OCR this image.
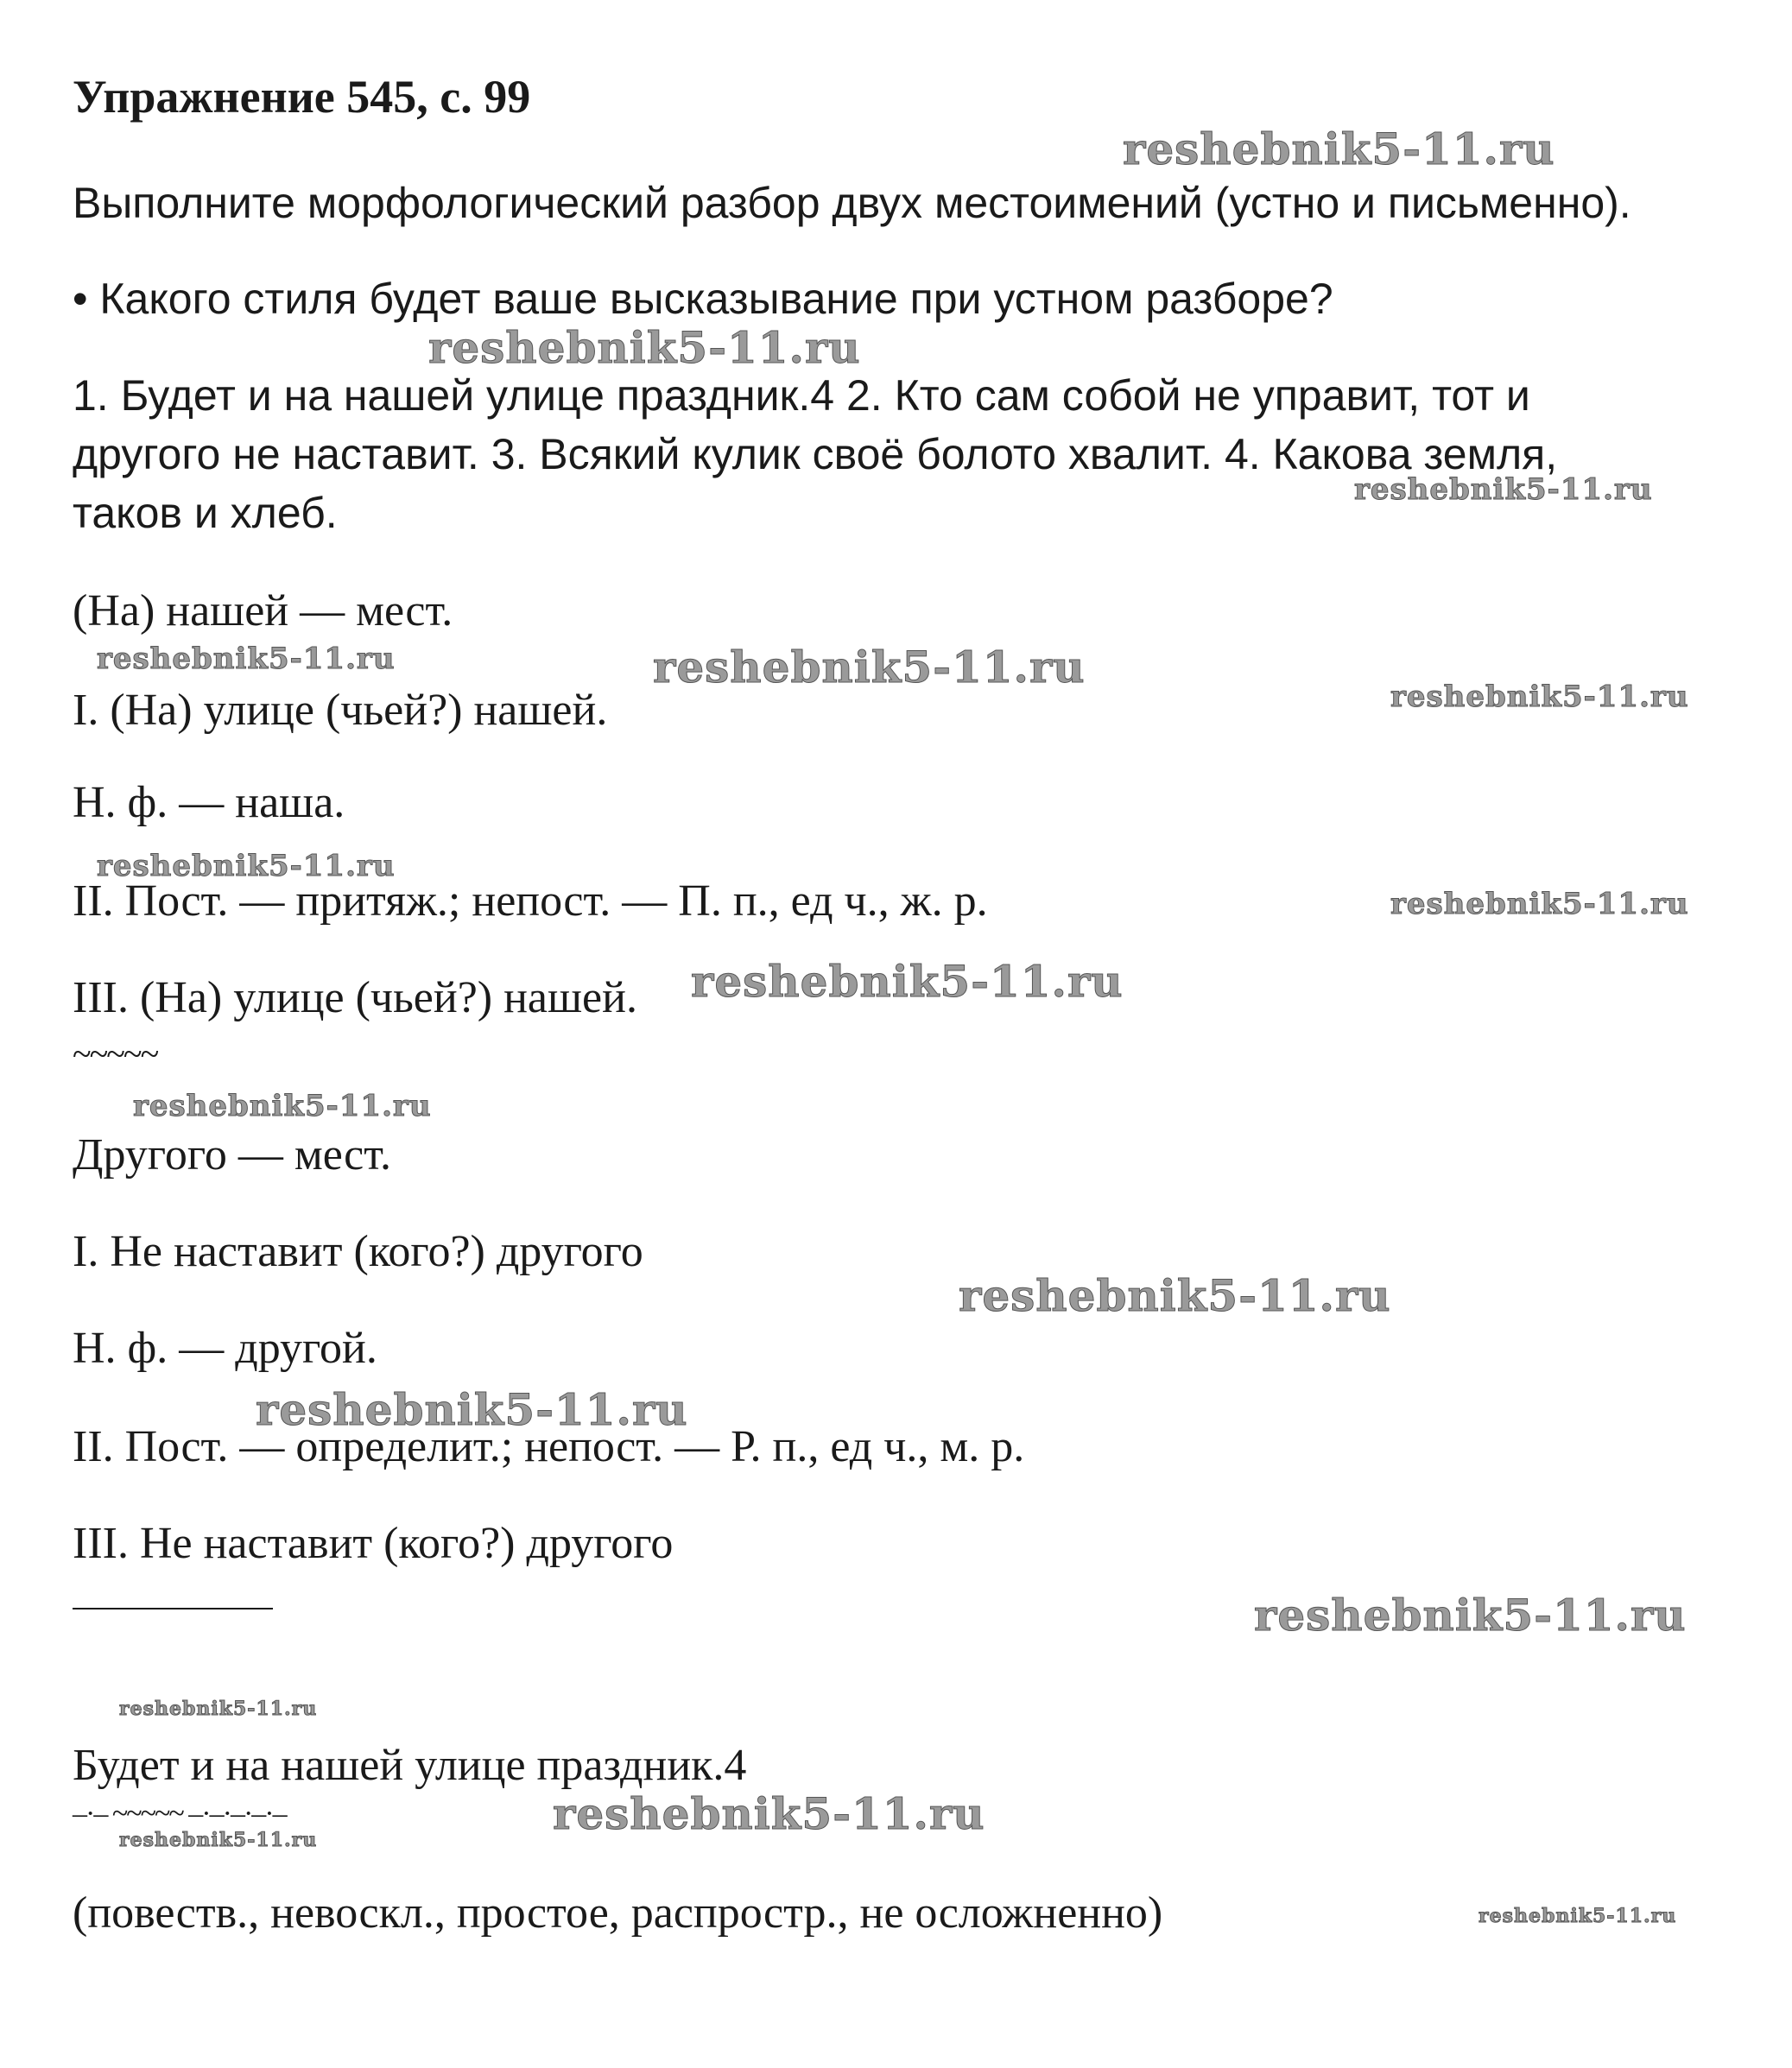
Упражнение 545, с. 99
Выполните морфологический разбор двух местоимений (устно и письменно).
• Какого стиля будет ваше высказывание при устном разборе?
1. Будет и на нашей улице праздник.4 2. Кто сам собой не управит, тот и
другого не наставит. 3. Всякий кулик своё болото хвалит. 4. Какова земля,
таков и хлеб.
(На) нашей — мест.
I. (На) улице (чьей?) нашей.
Н. ф. — наша.
II. Пост. — притяж.; непост. — П. п., ед ч., ж. р.
III. (На) улице (чьей?) нашей.
~~~~~
Другого — мест.
I. Не наставит (кого?) другого
Н. ф. — другой.
II. Пост. — определит.; непост. — Р. п., ед ч., м. р.
III. Не наставит (кого?) другого
Будет и на нашей улице праздник.4
–·– ~~~~~ –·–·–·–·–
(повеств., невоскл., простое, распростр., не осложненно)
reshebnik5-11.ru
reshebnik5-11.ru
reshebnik5-11.ru
reshebnik5-11.ru	reshebnik5-11.ru
reshebnik5-11.ru
reshebnik5-11.ru
reshebnik5-11.ru
reshebnik5-11.ru
reshebnik5-11.ru
reshebnik5-11.ru
reshebnik5-11.ru
reshebnik5-11.ru
reshebnik5-11.ru
reshebnik5-11.ru
reshebnik5-11.ru
reshebnik5-11.ru
